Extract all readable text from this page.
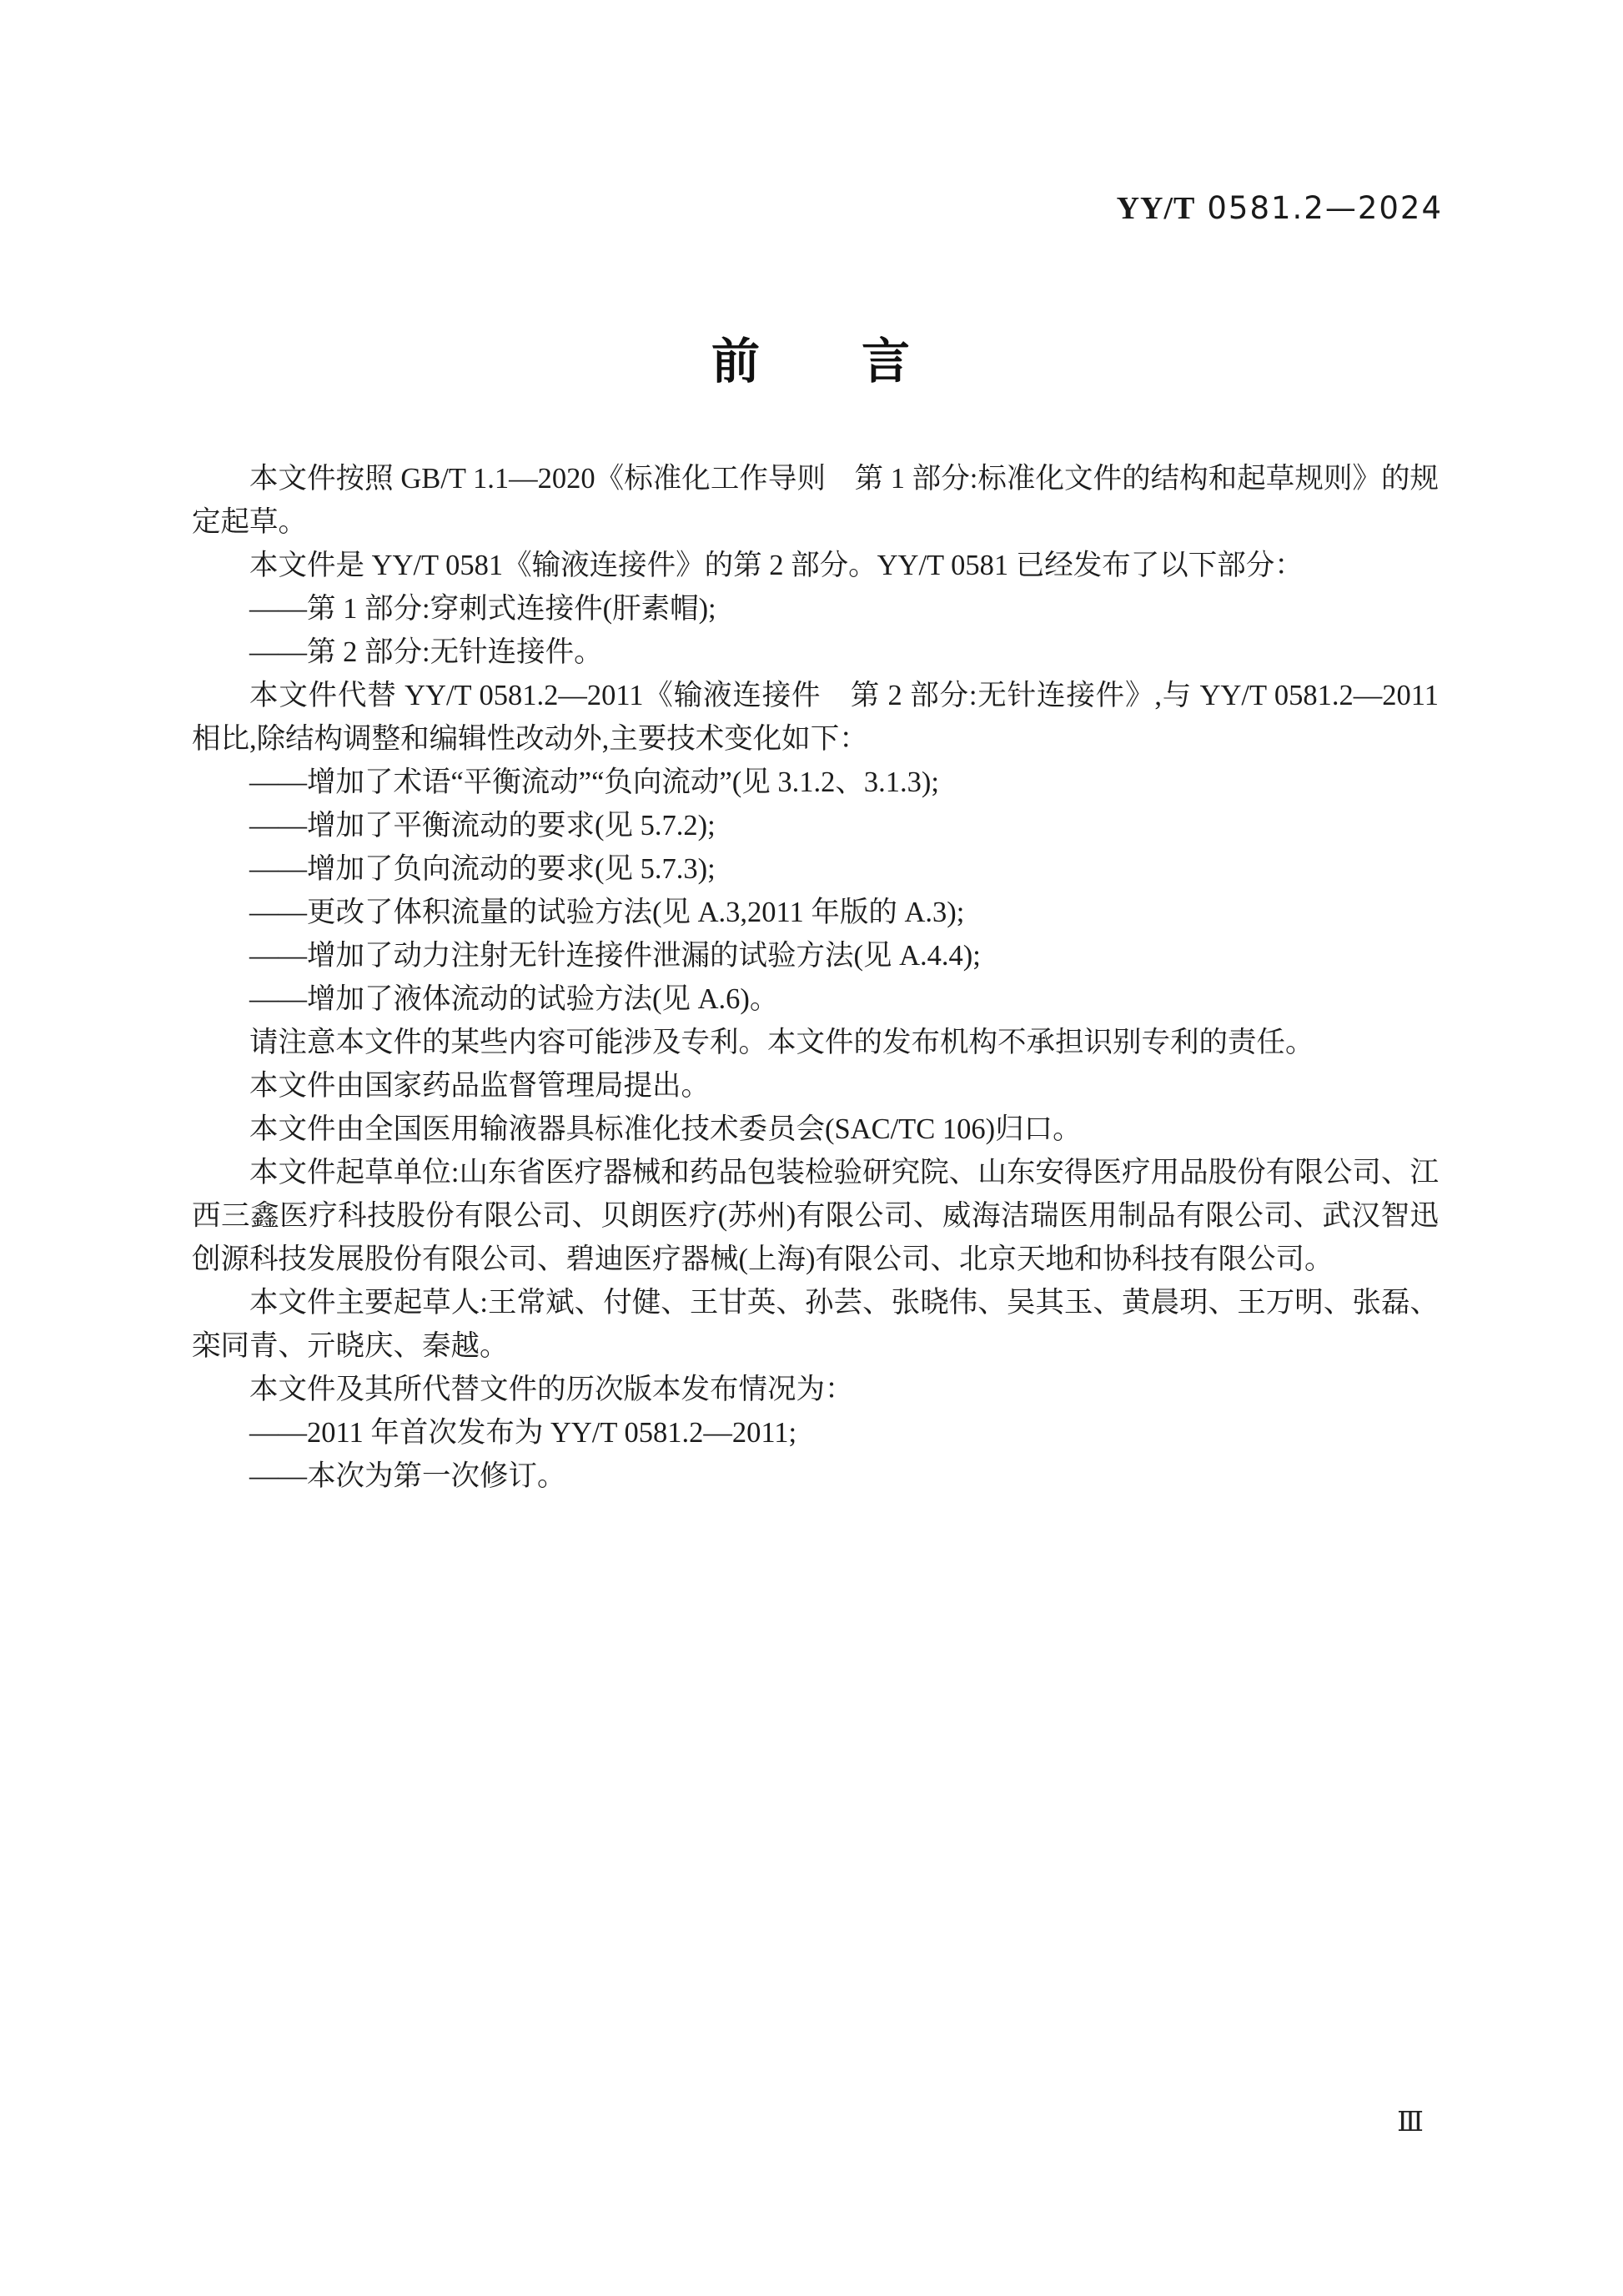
YY/T 0581.2—2024
前　　言

本文件按照 GB/T 1.1—2020《标准化工作导则　第 1 部分:标准化文件的结构和起草规则》的规定起草。

本文件是 YY/T 0581《输液连接件》的第 2 部分。YY/T 0581 已经发布了以下部分：

——第 1 部分:穿刺式连接件(肝素帽);

——第 2 部分:无针连接件。

本文件代替 YY/T 0581.2—2011《输液连接件　第 2 部分:无针连接件》,与 YY/T 0581.2—2011 相比,除结构调整和编辑性改动外,主要技术变化如下：

——增加了术语“平衡流动”“负向流动”(见 3.1.2、3.1.3);

——增加了平衡流动的要求(见 5.7.2);

——增加了负向流动的要求(见 5.7.3);

——更改了体积流量的试验方法(见 A.3,2011 年版的 A.3);

——增加了动力注射无针连接件泄漏的试验方法(见 A.4.4);

——增加了液体流动的试验方法(见 A.6)。

请注意本文件的某些内容可能涉及专利。本文件的发布机构不承担识别专利的责任。

本文件由国家药品监督管理局提出。

本文件由全国医用输液器具标准化技术委员会(SAC/TC 106)归口。

本文件起草单位:山东省医疗器械和药品包装检验研究院、山东安得医疗用品股份有限公司、江西三鑫医疗科技股份有限公司、贝朗医疗(苏州)有限公司、威海洁瑞医用制品有限公司、武汉智迅创源科技发展股份有限公司、碧迪医疗器械(上海)有限公司、北京天地和协科技有限公司。

本文件主要起草人:王常斌、付健、王甘英、孙芸、张晓伟、吴其玉、黄晨玥、王万明、张磊、栾同青、亓晓庆、秦越。

本文件及其所代替文件的历次版本发布情况为：

——2011 年首次发布为 YY/T 0581.2—2011;

——本次为第一次修订。

Ⅲ
